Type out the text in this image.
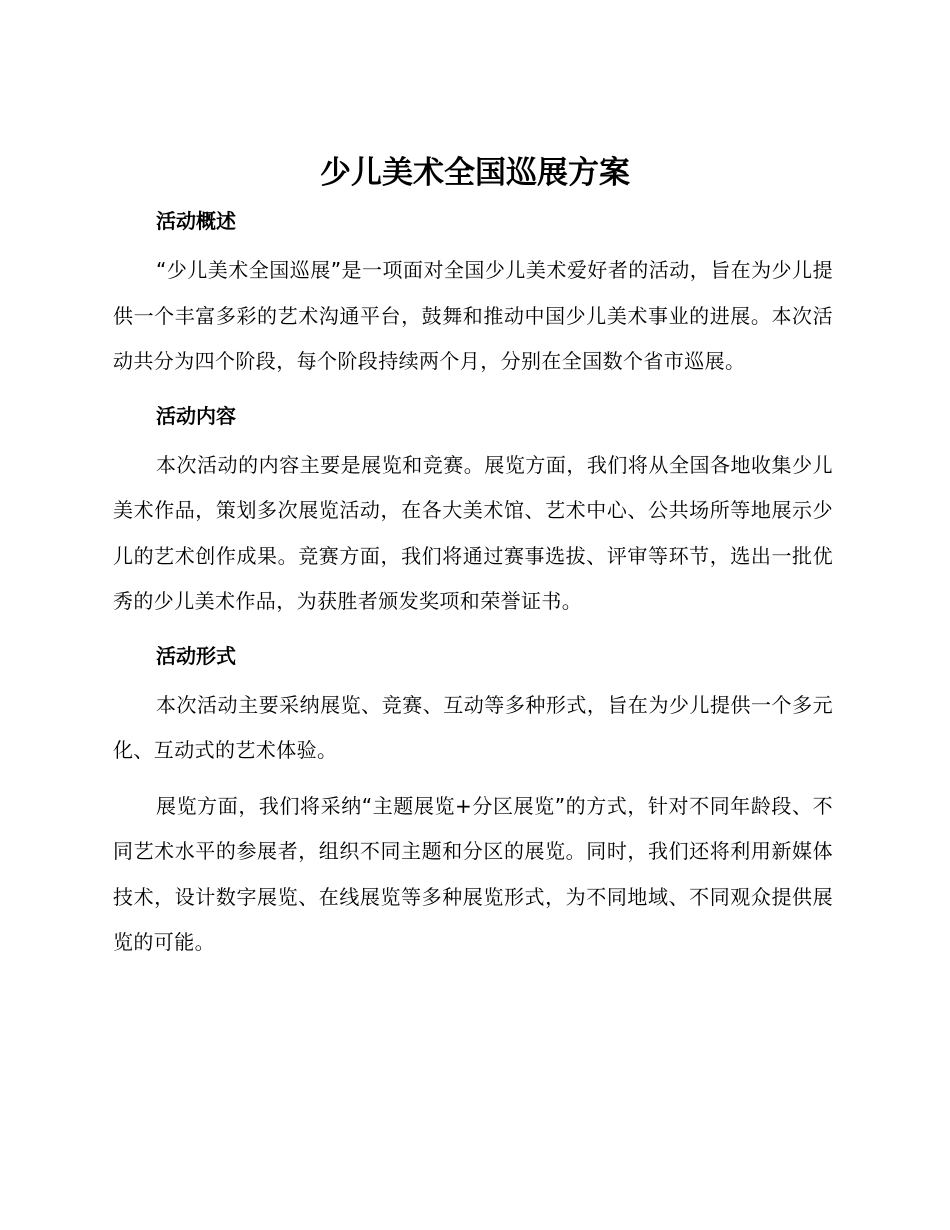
少儿美术全国巡展方案
活动概述

“少儿美术全国巡展”是一项面对全国少儿美术爱好者的活动，旨在为少儿提供一个丰富多彩的艺术沟通平台，鼓舞和推动中国少儿美术事业的进展。本次活动共分为四个阶段，每个阶段持续两个月，分别在全国数个省市巡展。

活动内容

本次活动的内容主要是展览和竞赛。展览方面，我们将从全国各地收集少儿美术作品，策划多次展览活动，在各大美术馆、艺术中心、公共场所等地展示少儿的艺术创作成果。竞赛方面，我们将通过赛事选拔、评审等环节，选出一批优秀的少儿美术作品，为获胜者颁发奖项和荣誉证书。

活动形式

本次活动主要采纳展览、竞赛、互动等多种形式，旨在为少儿提供一个多元化、互动式的艺术体验。

展览方面，我们将采纳“主题展览+分区展览”的方式，针对不同年龄段、不同艺术水平的参展者，组织不同主题和分区的展览。同时，我们还将利用新媒体技术，设计数字展览、在线展览等多种展览形式，为不同地域、不同观众提供展览的可能。
